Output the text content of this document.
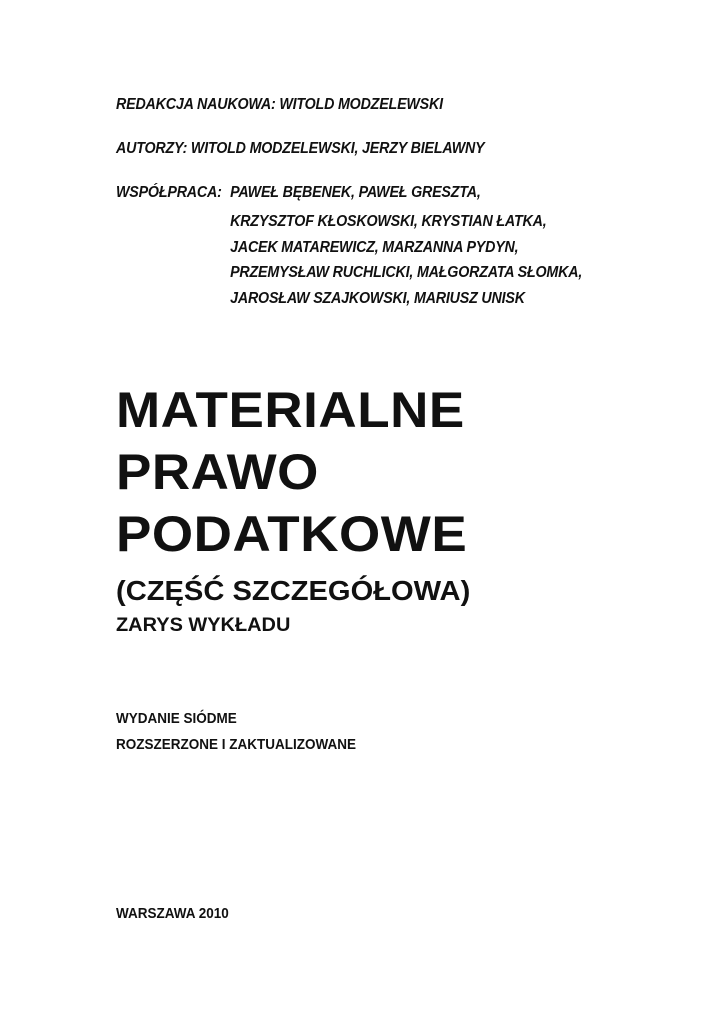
REDAKCJA NAUKOWA: WITOLD MODZELEWSKI
AUTORZY: WITOLD MODZELEWSKI, JERZY BIELAWNY
WSPÓŁPRACA: PAWEŁ BĘBENEK, PAWEŁ GRESZTA,
KRZYSZTOF KŁOSKOWSKI, KRYSTIAN ŁATKA,
JACEK MATAREWICZ, MARZANNA PYDYN,
PRZEMYSŁAW RUCHLICKI, MAŁGORZATA SŁOMKA,
JAROSŁAW SZAJKOWSKI, MARIUSZ UNISK
MATERIALNE
PRAWO
PODATKOWE
(CZĘŚĆ SZCZEGÓŁOWA)
ZARYS WYKŁADU
WYDANIE SIÓDME
ROZSZERZONE I ZAKTUALIZOWANE
WARSZAWA 2010
